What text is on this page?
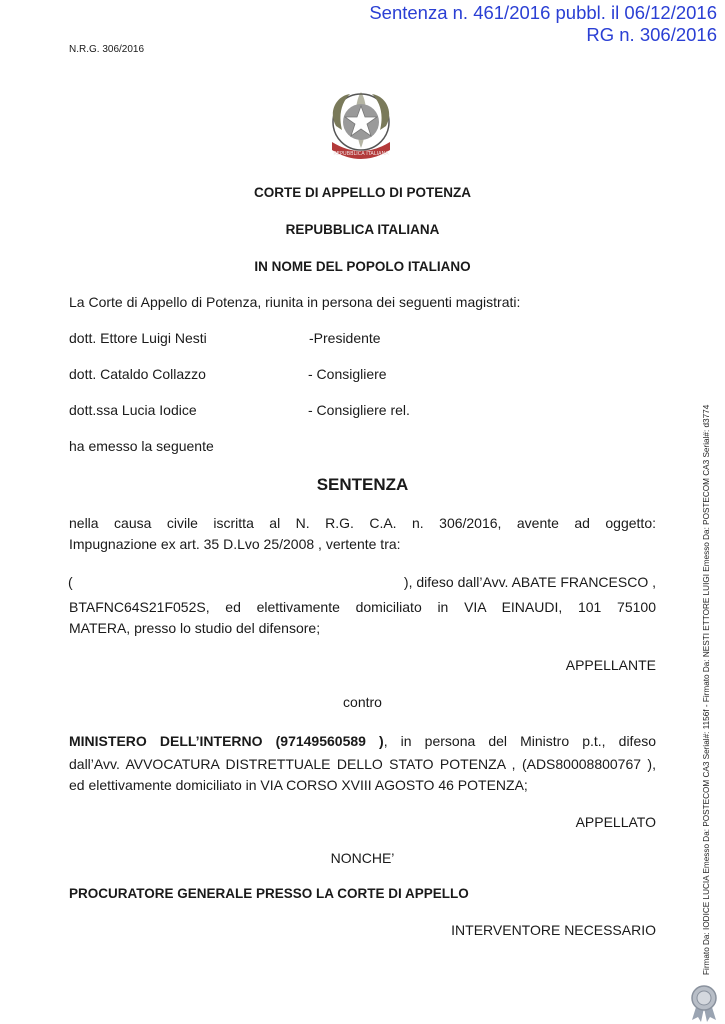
Sentenza n. 461/2016 pubbl. il 06/12/2016
RG n. 306/2016
N.R.G. 306/2016
REPUBBLICA ITALIANA
CORTE DI APPELLO DI POTENZA
REPUBBLICA ITALIANA
IN NOME DEL POPOLO ITALIANO
La Corte di Appello di Potenza, riunita in persona dei seguenti magistrati:
dott. Ettore Luigi Nesti	-Presidente
dott. Cataldo Collazzo	- Consigliere
dott.ssa Lucia Iodice	- Consigliere rel.
ha emesso la seguente
SENTENZA
nella causa civile iscritta al N. R.G. C.A. n. 306/2016, avente ad oggetto:
Impugnazione ex art. 35 D.Lvo 25/2008 , vertente tra:
(	), difeso dall’Avv. ABATE FRANCESCO ,
BTAFNC64S21F052S, ed elettivamente domiciliato in VIA EINAUDI, 101 75100
MATERA, presso lo studio del difensore;
APPELLANTE
contro
MINISTERO DELL’INTERNO (97149560589 ), in persona del Ministro p.t., difeso
dall’Avv. AVVOCATURA DISTRETTUALE DELLO STATO POTENZA , (ADS80008800767 ),
ed elettivamente domiciliato in VIA CORSO XVIII AGOSTO 46 POTENZA;
APPELLATO
NONCHE’
PROCURATORE GENERALE PRESSO LA CORTE DI APPELLO
INTERVENTORE NECESSARIO	Firmato Da: IODICE LUCIA Emesso Da: POSTECOM CA3 Serial#: 1156f - Firmato Da: NESTI ETTORE LUIGI Emesso Da: POSTECOM CA3 Serial#: d3774
